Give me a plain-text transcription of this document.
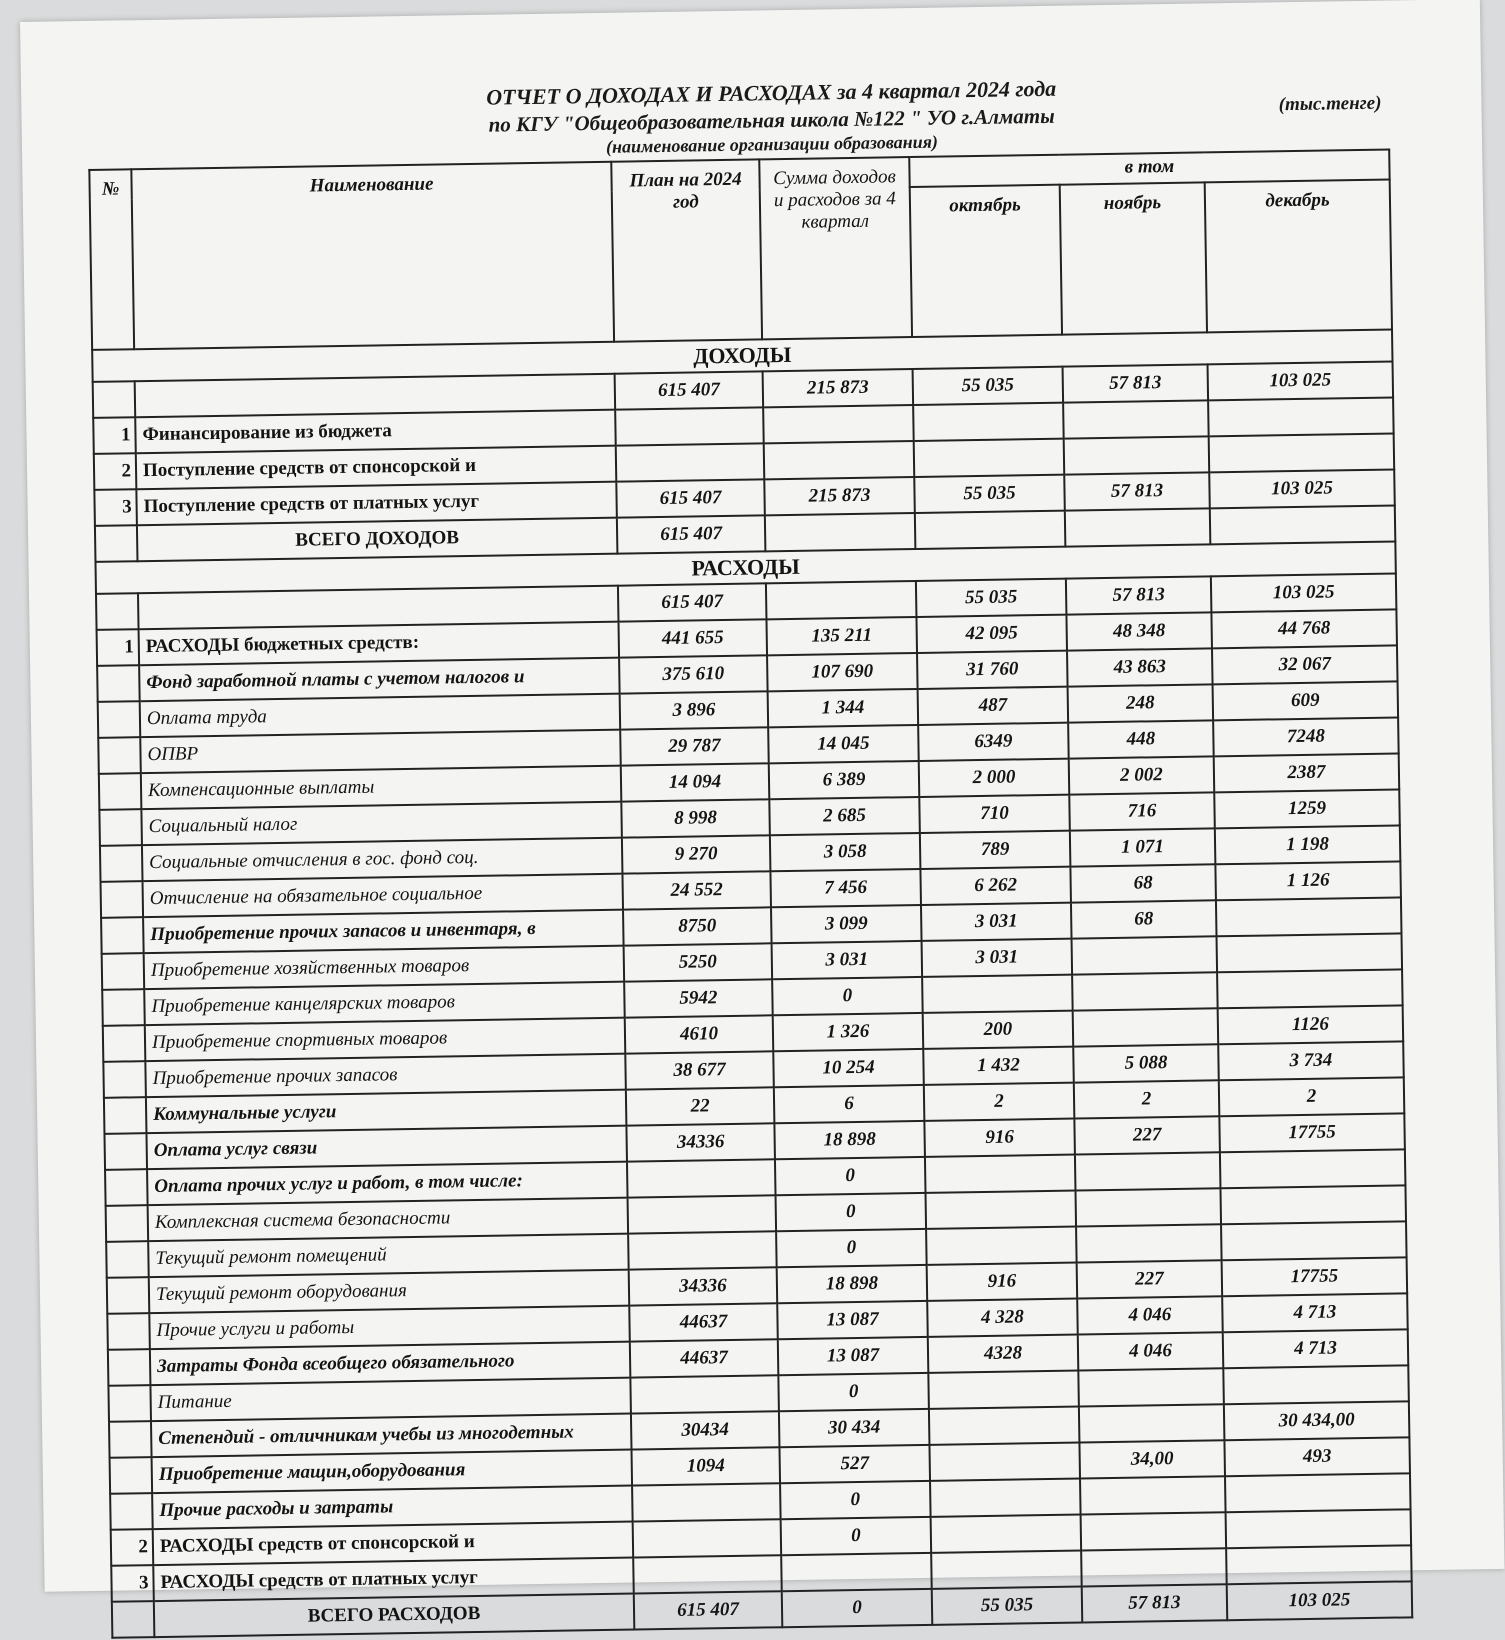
ОТЧЕТ О ДОХОДАХ И РАСХОДАХ за 4 квартал 2024 года
по КГУ "Общеобразовательная школа №122 " УО г.Алматы
(наименование организации образования)
(тыс.тенге)
№	Наименование	План на 2024 год	Сумма доходов и расходов за 4 квартал	в том		
				октябрь	ноябрь	декабрь
ДОХОДЫ						
		615 407	215 873	55 035	57 813	103 025
1	Финансирование из бюджета					
2	Поступление средств от спонсорской и					
3	Поступление средств от платных услуг	615 407	215 873	55 035	57 813	103 025
	ВСЕГО ДОХОДОВ	615 407				
РАСХОДЫ						
		615 407		55 035	57 813	103 025
1	РАСХОДЫ бюджетных средств:	441 655	135 211	42 095	48 348	44 768
	Фонд заработной платы с учетом налогов и	375 610	107 690	31 760	43 863	32 067
	Оплата труда	3 896	1 344	487	248	609
	ОПВР	29 787	14 045	6349	448	7248
	Компенсационные выплаты	14 094	6 389	2 000	2 002	2387
	Социальный налог	8 998	2 685	710	716	1259
	Социальные отчисления в гос. фонд соц.	9 270	3 058	789	1 071	1 198
	Отчисление на обязательное социальное	24 552	7 456	6 262	68	1 126
	Приобретение прочих запасов и инвентаря, в	8750	3 099	3 031	68	
	Приобретение хозяйственных товаров	5250	3 031	3 031		
	Приобретение канцелярских товаров	5942	0			
	Приобретение спортивных товаров	4610	1 326	200		1126
	Приобретение прочих запасов	38 677	10 254	1 432	5 088	3 734
	Коммунальные услуги	22	6	2	2	2
	Оплата услуг связи	34336	18 898	916	227	17755
	Оплата прочих услуг и работ, в том числе:		0			
	Комплексная система безопасности		0			
	Текущий ремонт помещений		0			
	Текущий ремонт оборудования	34336	18 898	916	227	17755
	Прочие услуги и работы	44637	13 087	4 328	4 046	4 713
	Затраты Фонда всеобщего обязательного	44637	13 087	4328	4 046	4 713
	Питание		0			
	Степендий - отличникам учебы из многодетных	30434	30 434			30 434,00
	Приобретение мащин,оборудования	1094	527		34,00	493
	Прочие расходы и затраты		0			
2	РАСХОДЫ средств от спонсорской и		0			
3	РАСХОДЫ средств от платных услуг					
	ВСЕГО РАСХОДОВ	615 407	0	55 035	57 813	103 025
